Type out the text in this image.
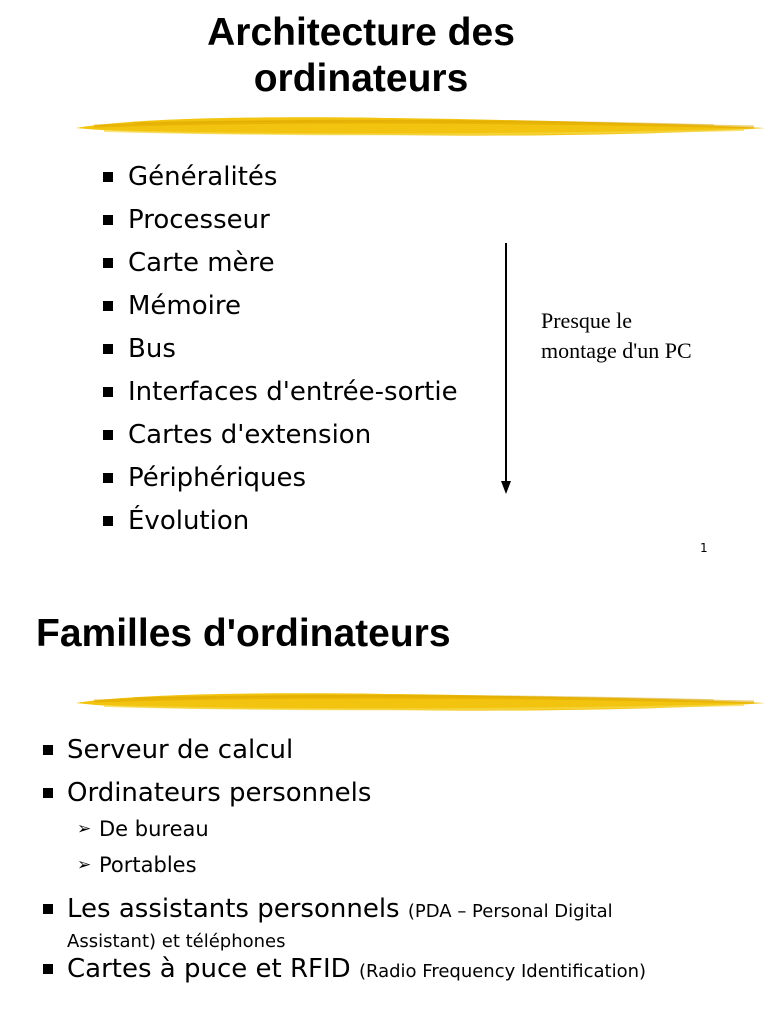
Architecture des
ordinateurs
Généralités
Processeur
Carte mère
Mémoire
Bus
Interfaces d'entrée-sortie
Cartes d'extension
Périphériques
Évolution
Presque le montage d'un PC
1
Familles d'ordinateurs
Serveur de calcul
Ordinateurs personnels
➢ De bureau
➢ Portables
Les assistants personnels (PDA – Personal Digital
Assistant) et téléphones
Cartes à puce et RFID (Radio Frequency Identification)
